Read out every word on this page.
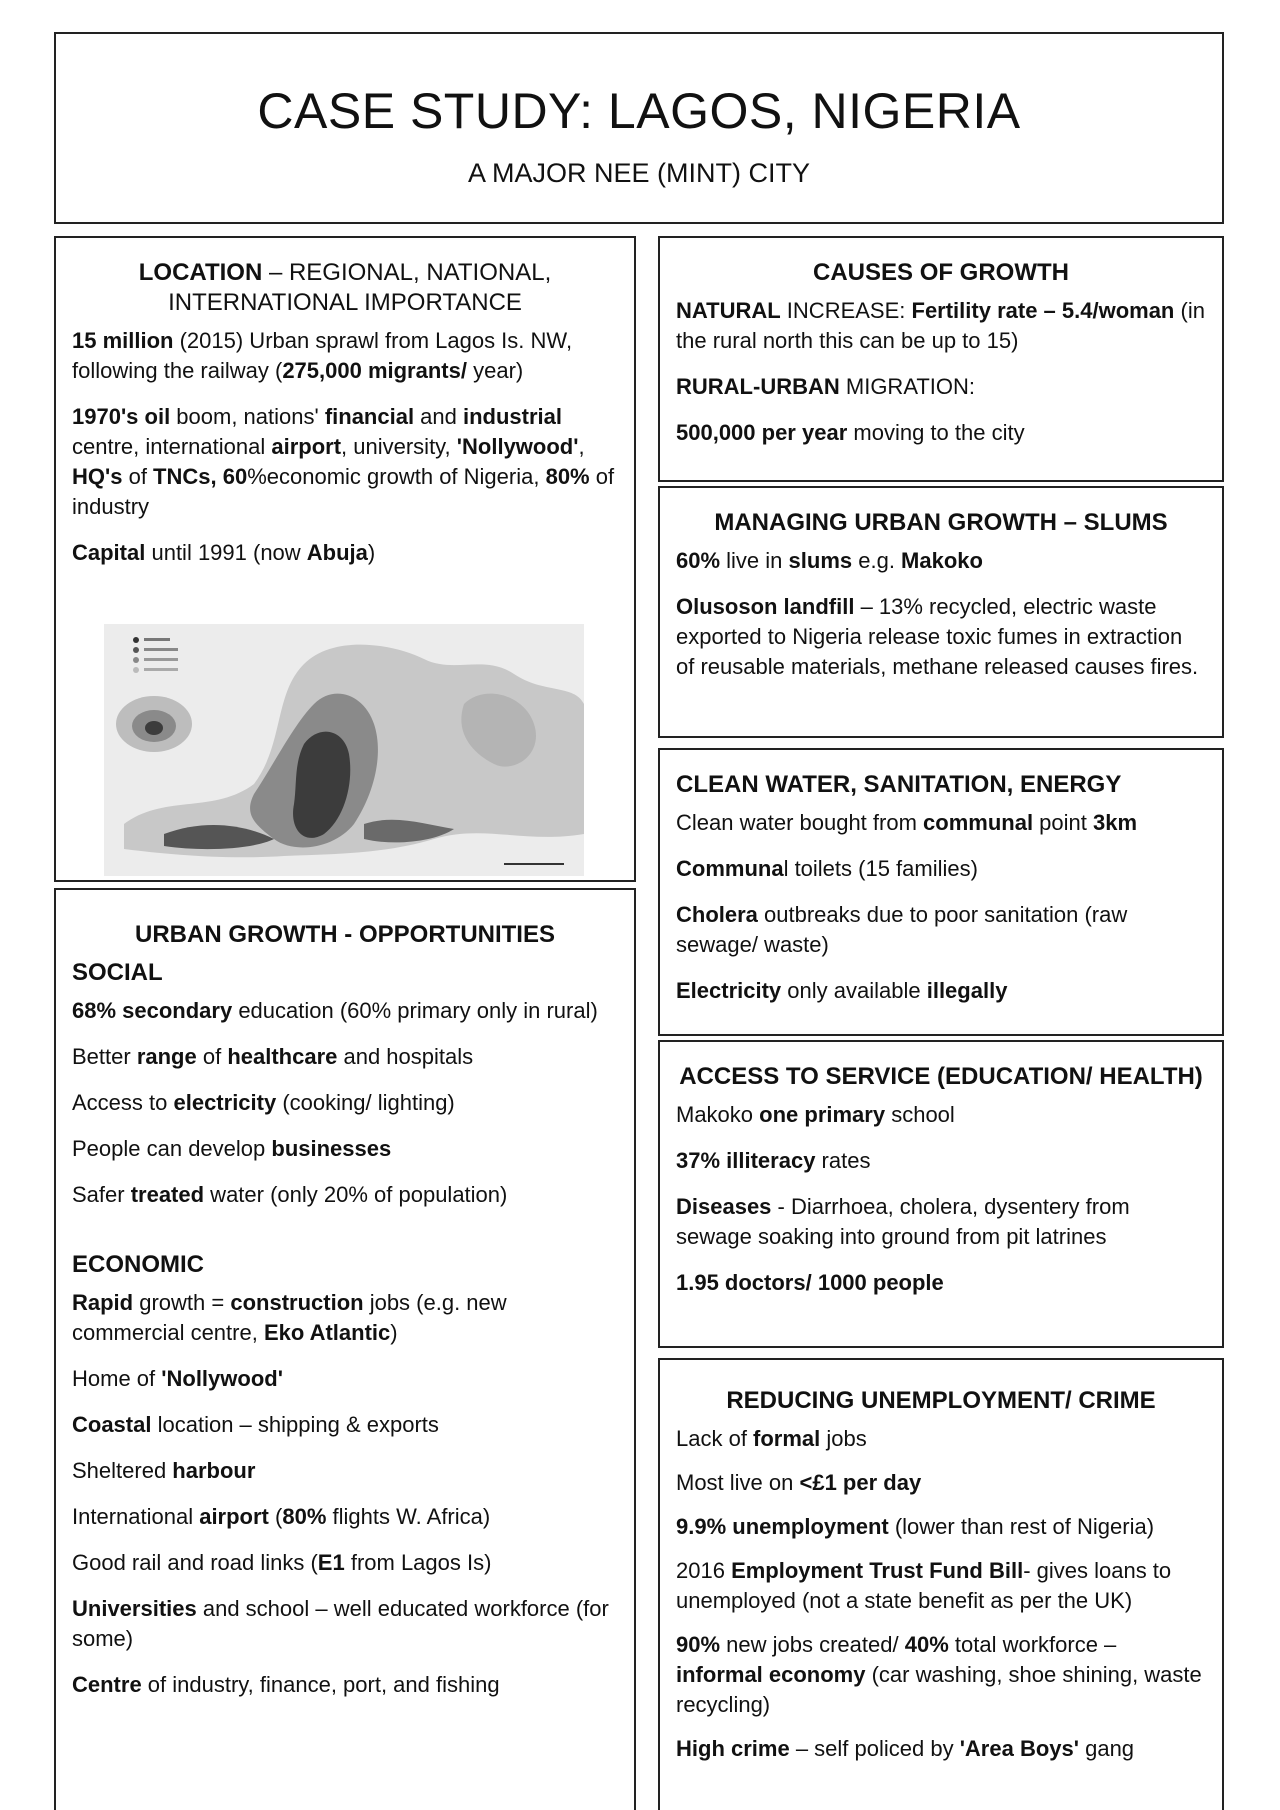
CASE STUDY: LAGOS, NIGERIA
A MAJOR NEE (MINT) CITY
LOCATION – REGIONAL, NATIONAL, INTERNATIONAL IMPORTANCE

15 million (2015) Urban sprawl from Lagos Is. NW, following the railway (275,000 migrants/ year)

1970's oil boom, nations' financial and industrial centre, international airport, university, 'Nollywood', HQ's of TNCs, 60%economic growth of Nigeria, 80% of industry

Capital until 1991 (now Abuja)

URBAN GROWTH - OPPORTUNITIES
SOCIAL

68% secondary education (60% primary only in rural)

Better range of healthcare and hospitals

Access to electricity (cooking/ lighting)

People can develop businesses

Safer treated water (only 20% of population)

ECONOMIC

Rapid growth = construction jobs (e.g. new commercial centre, Eko Atlantic)

Home of 'Nollywood'

Coastal location – shipping & exports

Sheltered harbour

International airport (80% flights W. Africa)

Good rail and road links (E1 from Lagos Is)

Universities and school – well educated workforce (for some)

Centre of industry, finance, port, and fishing

CAUSES OF GROWTH

NATURAL INCREASE: Fertility rate – 5.4/woman (in the rural north this can be up to 15)

RURAL-URBAN MIGRATION:

500,000 per year moving to the city

MANAGING URBAN GROWTH – SLUMS

60% live in slums e.g. Makoko

Olusoson landfill – 13% recycled, electric waste exported to Nigeria release toxic fumes in extraction of reusable materials, methane released causes fires.

CLEAN WATER, SANITATION, ENERGY

Clean water bought from communal point 3km

Communal toilets (15 families)

Cholera outbreaks due to poor sanitation (raw sewage/ waste)

Electricity only available illegally

ACCESS TO SERVICE (EDUCATION/ HEALTH)

Makoko one primary school

37% illiteracy rates

Diseases - Diarrhoea, cholera, dysentery from sewage soaking into ground from pit latrines

1.95 doctors/ 1000 people

REDUCING UNEMPLOYMENT/ CRIME

Lack of formal jobs

Most live on <£1 per day

9.9% unemployment (lower than rest of Nigeria)

2016 Employment Trust Fund Bill- gives loans to unemployed (not a state benefit as per the UK)

90% new jobs created/ 40% total workforce – informal economy (car washing, shoe shining, waste recycling)

High crime – self policed by 'Area Boys' gang
